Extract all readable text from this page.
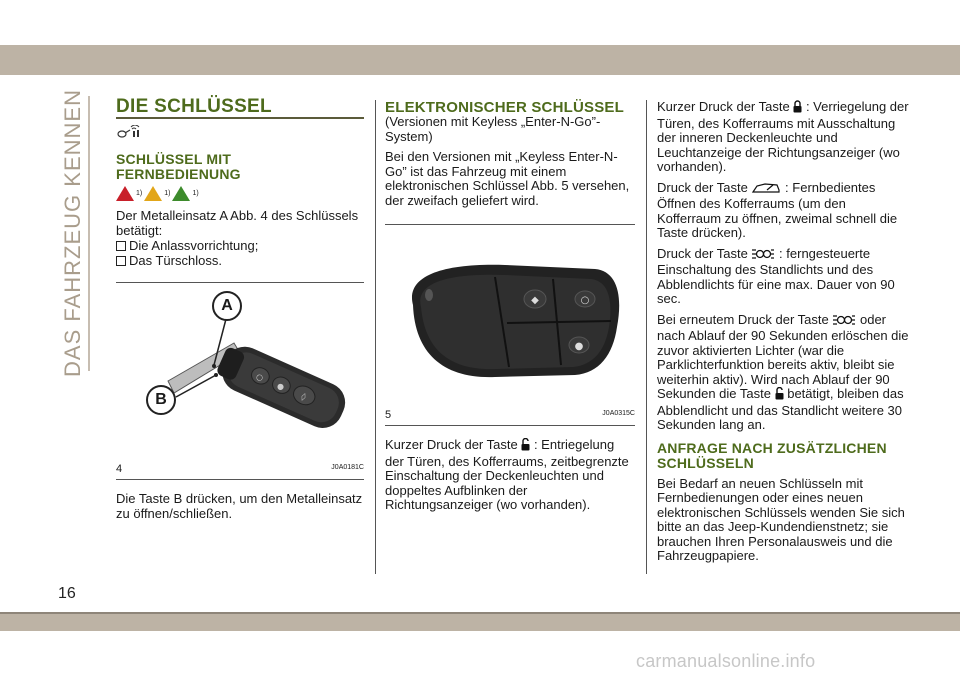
DAS FAHRZEUG KENNEN DIE SCHLÜSSEL
SCHLÜSSEL MIT
FERNBEDIENUNG
1)	1)	1)

Der Metalleinsatz A Abb. 4 des Schlüssels betätigt:

Die Anlassvorrichtung;
Das Türschloss.
○
●
◊
A
B
4	J0A0181C

Die Taste B drücken, um den Metalleinsatz zu öffnen/schließen.

ELEKTRONISCHER SCHLÜSSEL

(Versionen mit Keyless „Enter-N-Go”-System)

Bei den Versionen mit „Keyless Enter-N-Go” ist das Fahrzeug mit einem elektronischen Schlüssel Abb. 5 versehen, der zweifach geliefert wird.

◆	○
●
5	J0A0315C

Kurzer Druck der Taste : Entriegelung der Türen, des Kofferraums, zeitbegrenzte Einschaltung der Deckenleuchten und doppeltes Aufblinken der Richtungsanzeiger (wo vorhanden).

Kurzer Druck der Taste : Verriegelung der Türen, des Kofferraums mit Ausschaltung der inneren Deckenleuchte und Leuchtanzeige der Richtungsanzeiger (wo vorhanden).

Druck der Taste	: Fernbedientes Öffnen des Kofferraums (um den Kofferraum zu öffnen, zweimal schnell die Taste drücken).

Druck der Taste : ferngesteuerte Einschaltung des Standlichts und des Abblendlichts für eine max. Dauer von 90 sec.

Bei erneutem Druck der Taste oder nach Ablauf der 90 Sekunden erlöschen die zuvor aktivierten Lichter (war die Parklichterfunktion bereits aktiv, bleibt sie weiterhin aktiv). Wird nach Ablauf der 90 Sekunden die Taste betätigt, bleiben das Abblendlicht und das Standlicht weitere 30 Sekunden lang an.

ANFRAGE NACH ZUSÄTZLICHEN
SCHLÜSSELN

Bei Bedarf an neuen Schlüsseln mit Fernbedienungen oder eines neuen elektronischen Schlüssels wenden Sie sich bitte an das Jeep-Kundendienstnetz; sie brauchen Ihren Personalausweis und die Fahrzeugpapiere.

16
carmanualsonline.info
